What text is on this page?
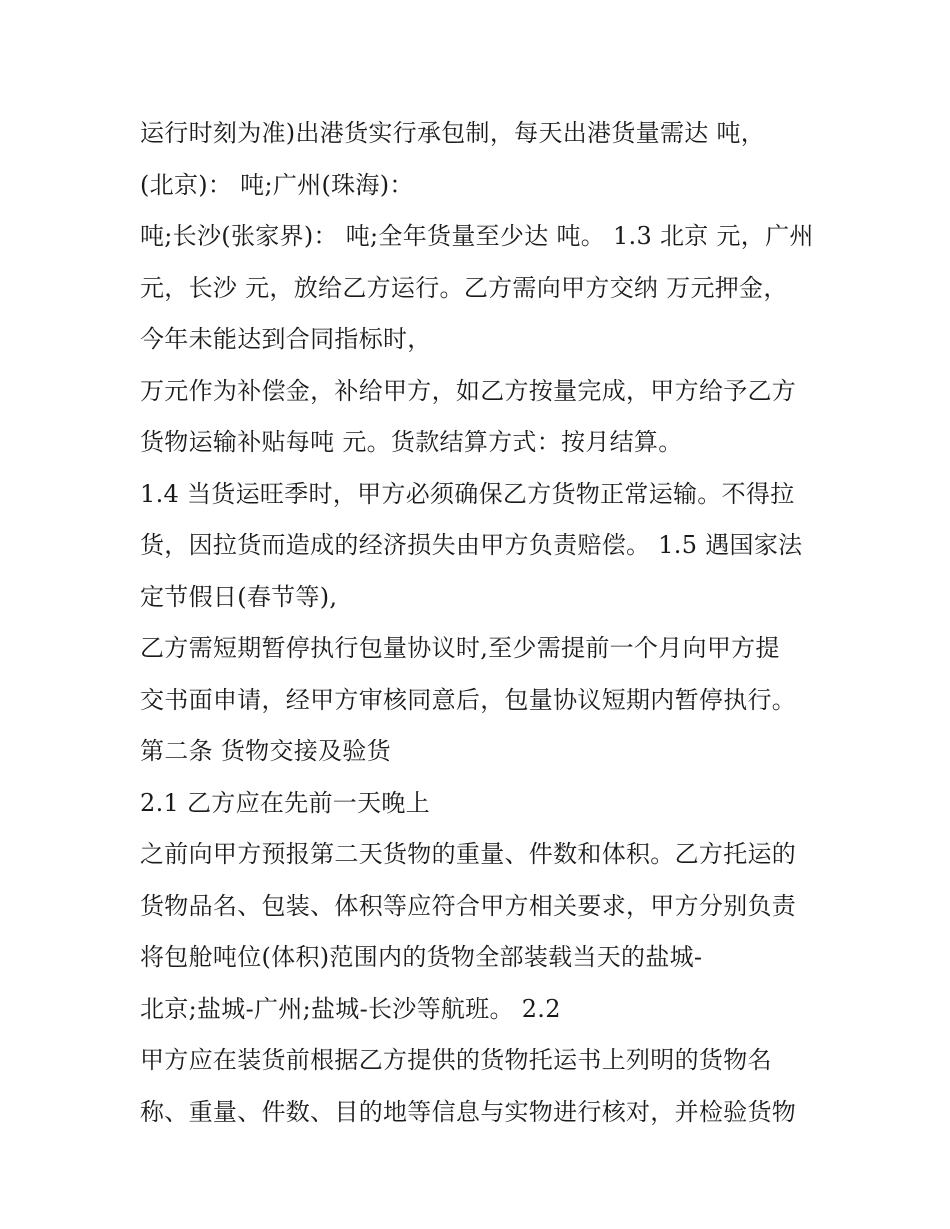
运行时刻为准)出港货实行承包制，每天出港货量需达 吨，
(北京)： 吨;广州(珠海)：
吨;长沙(张家界)： 吨;全年货量至少达 吨。 1.3 北京 元，广州
元，长沙 元，放给乙方运行。乙方需向甲方交纳 万元押金，
今年未能达到合同指标时，
万元作为补偿金，补给甲方，如乙方按量完成，甲方给予乙方
货物运输补贴每吨 元。货款结算方式：按月结算。
1.4 当货运旺季时，甲方必须确保乙方货物正常运输。不得拉
货，因拉货而造成的经济损失由甲方负责赔偿。 1.5 遇国家法
定节假日(春节等),
乙方需短期暂停执行包量协议时,至少需提前一个月向甲方提
交书面申请，经甲方审核同意后，包量协议短期内暂停执行。
第二条 货物交接及验货
2.1 乙方应在先前一天晚上
之前向甲方预报第二天货物的重量、件数和体积。乙方托运的
货物品名、包装、体积等应符合甲方相关要求，甲方分别负责
将包舱吨位(体积)范围内的货物全部装载当天的盐城-
北京;盐城-广州;盐城-长沙等航班。 2.2
甲方应在装货前根据乙方提供的货物托运书上列明的货物名
称、重量、件数、目的地等信息与实物进行核对，并检验货物
